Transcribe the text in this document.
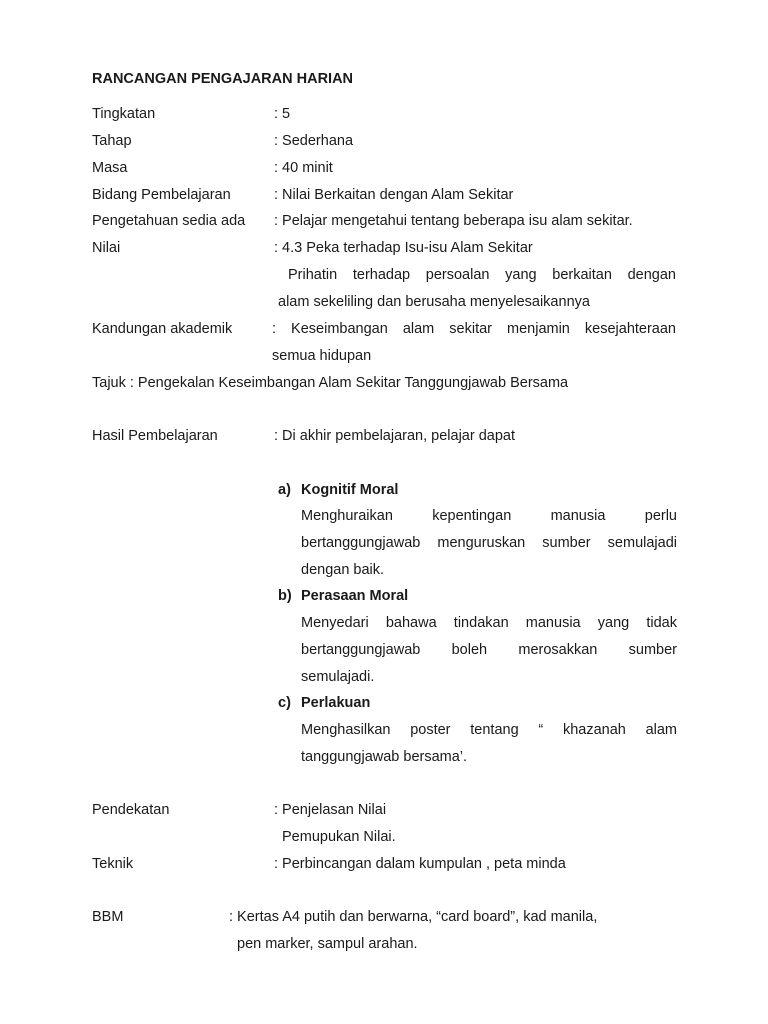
RANCANGAN PENGAJARAN HARIAN
Tingkatan	: 5
Tahap	: Sederhana
Masa	: 40 minit
Bidang Pembelajaran	: Nilai Berkaitan dengan Alam Sekitar
Pengetahuan sedia ada : Pelajar mengetahui tentang beberapa isu alam sekitar.
Nilai	: 4.3 Peka terhadap Isu-isu Alam Sekitar
Prihatin terhadap persoalan yang berkaitan dengan
alam sekeliling dan berusaha menyelesaikannya
Kandungan akademik	: Keseimbangan alam sekitar menjamin kesejahteraan
semua hidupan
Tajuk : Pengekalan Keseimbangan Alam Sekitar Tanggungjawab Bersama
Hasil Pembelajaran	: Di akhir pembelajaran, pelajar dapat
a) Kognitif Moral
Menghuraikan kepentingan manusia perlu
bertanggungjawab menguruskan sumber semulajadi
dengan baik.
b) Perasaan Moral
Menyedari bahawa tindakan manusia yang tidak
bertanggungjawab boleh merosakkan sumber
semulajadi.
c) Perlakuan
Menghasilkan poster tentang “ khazanah alam
tanggungjawab bersama’.
Pendekatan	: Penjelasan Nilai
Pemupukan Nilai.
Teknik	: Perbincangan dalam kumpulan , peta minda
BBM	: Kertas A4 putih dan berwarna, “card board”, kad manila,
pen marker, sampul arahan.
